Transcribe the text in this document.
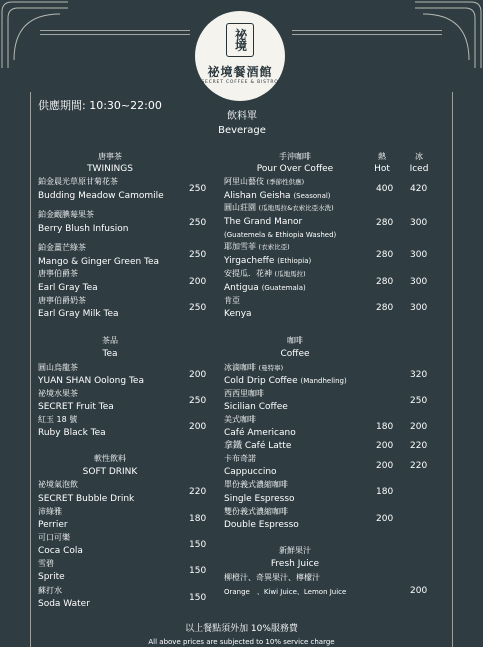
祕境
祕境餐酒館
SECRET COFFEE & BISTRO
供應期間: 10:30~22:00
飲料單
Beverage
唐寧茶
TWININGS
鉑金晨光草原甘菊花茶
Budding Meadow Camomile
250
鉑金靦腆莓果茶
Berry Blush Infusion
250
鉑金薑芒綠茶
Mango & Ginger Green Tea
250
唐寧伯爵茶
Earl Gray Tea
200
唐寧伯爵奶茶
Earl Gray Milk Tea
250
茶品
Tea
圓山烏龍茶
YUAN SHAN Oolong Tea
200
祕境水果茶
SECRET Fruit Tea
250
紅玉 18 號
Ruby Black Tea
200
軟性飲料
SOFT DRINK
祕境氣泡飲
SECRET Bubble Drink
220
沛綠雅
Perrier
180
可口可樂
Coca Cola
150
雪碧
Sprite
150
蘇打水
Soda Water
150
手沖咖啡
Pour Over Coffee
熱
Hot
冰
Iced
阿里山藝伎 (季節性供應)
Alishan Geisha (Seasonal)
400 420
圓山莊園 (瓜地馬拉&衣索比亞水洗)
The Grand Manor
(Guatemela & Ethiopia Washed)
280 300
耶加雪菲 (衣索比亞)
Yirgacheffe (Ethiopia)
280 300
安提瓜．花神 (瓜地馬拉)
Antigua (Guatemala)
280 300
肯亞
Kenya
280 300
咖啡
Coffee
冰滴咖啡 (曼特寧)
Cold Drip Coffee (Mandheling)
320
西西里咖啡
Sicilian Coffee
250
美式咖啡
Café Americano
180 200
拿鐵 Café Latte	200 220
卡布奇諾
Cappuccino
200 220
單份義式濃縮咖啡
Single Espresso
180
雙份義式濃縮咖啡
Double Espresso
200
新鮮果汁
Fresh Juice
柳橙汁、奇異果汁、檸檬汁
Orange　、Kiwi Juice、Lemon Juice	200
以上餐點須外加 10%服務費
All above prices are subjected to 10% service charge
